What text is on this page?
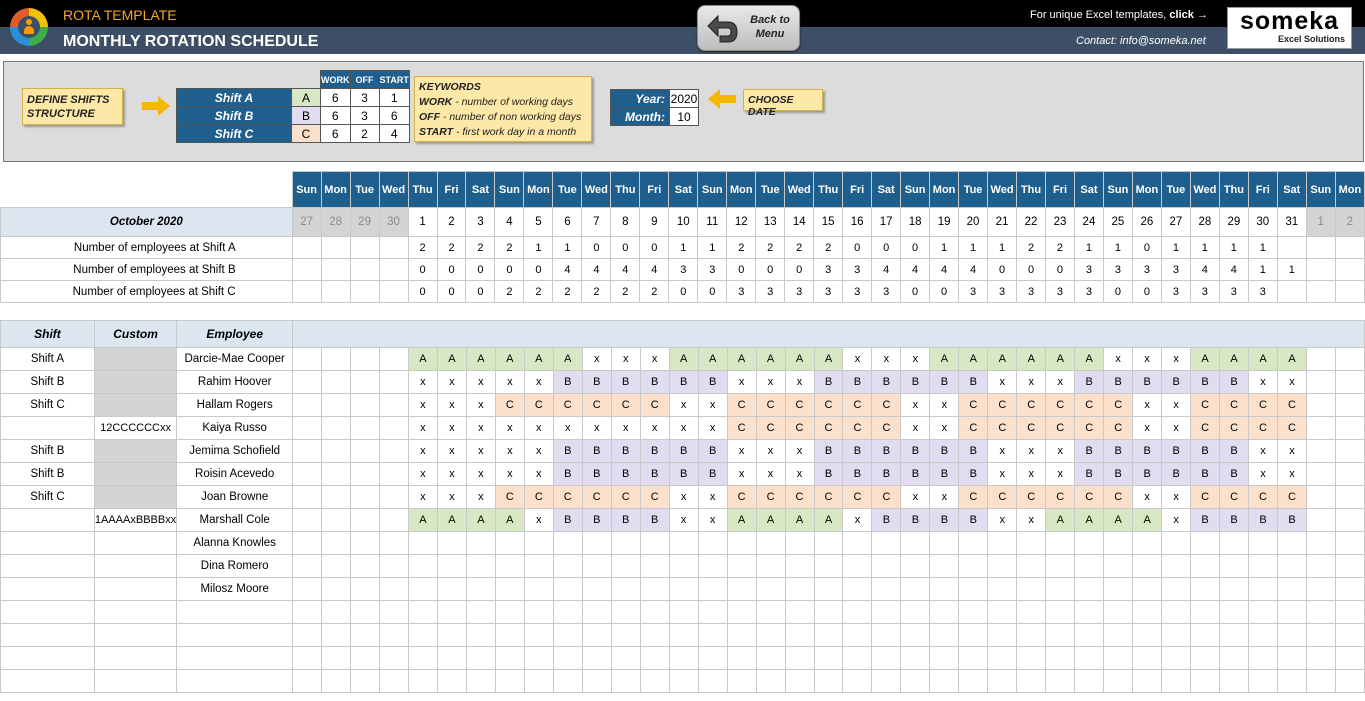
ROTA TEMPLATE
MONTHLY ROTATION SCHEDULE
Back to
Menu
For unique Excel templates, click →
Contact: info@someka.net
someka
Excel Solutions
DEFINE SHIFTS
STRUCTURE
		WORK	OFF	START
Shift A	A	6	3	1
Shift B	B	6	3	6
Shift C	C	6	2	4
KEYWORDS
WORK - number of working days
OFF - number of non working days
START - first work day in a month
Year:	2020
Month:	10
CHOOSE DATE
	Sun	Mon	Tue	Wed	Thu	Fri	Sat	Sun	Mon	Tue	Wed	Thu	Fri	Sat	Sun	Mon	Tue	Wed	Thu	Fri	Sat	Sun	Mon	Tue	Wed	Thu	Fri	Sat	Sun	Mon	Tue	Wed	Thu	Fri	Sat	Sun	Mon
October 2020	27	28	29	30	1	2	3	4	5	6	7	8	9	10	11	12	13	14	15	16	17	18	19	20	21	22	23	24	25	26	27	28	29	30	31	1	2
Number of employees at Shift A					2	2	2	2	1	1	0	0	0	1	1	2	2	2	2	0	0	0	1	1	1	2	2	1	1	0	1	1	1	1			
Number of employees at Shift B					0	0	0	0	0	4	4	4	4	3	3	0	0	0	3	3	4	4	4	4	0	0	0	3	3	3	3	4	4	1	1		
Number of employees at Shift C					0	0	0	2	2	2	2	2	2	0	0	3	3	3	3	3	3	0	0	3	3	3	3	3	0	0	3	3	3	3			
Shift	Custom	Employee																																					
Shift A		Darcie-Mae Cooper					A	A	A	A	A	A	x	x	x	A	A	A	A	A	A	x	x	x	A	A	A	A	A	A	x	x	x	A	A	A	A		
Shift B		Rahim Hoover					x	x	x	x	x	B	B	B	B	B	B	x	x	x	B	B	B	B	B	B	x	x	x	B	B	B	B	B	B	x	x		
Shift C		Hallam Rogers					x	x	x	C	C	C	C	C	C	x	x	C	C	C	C	C	C	x	x	C	C	C	C	C	C	x	x	C	C	C	C		
	12CCCCCCxx	Kaiya Russo					x	x	x	x	x	x	x	x	x	x	x	C	C	C	C	C	C	x	x	C	C	C	C	C	C	x	x	C	C	C	C		
Shift B		Jemima Schofield					x	x	x	x	x	B	B	B	B	B	B	x	x	x	B	B	B	B	B	B	x	x	x	B	B	B	B	B	B	x	x		
Shift B		Roisin Acevedo					x	x	x	x	x	B	B	B	B	B	B	x	x	x	B	B	B	B	B	B	x	x	x	B	B	B	B	B	B	x	x		
Shift C		Joan Browne					x	x	x	C	C	C	C	C	C	x	x	C	C	C	C	C	C	x	x	C	C	C	C	C	C	x	x	C	C	C	C		
	1AAAAxBBBBxx	Marshall Cole					A	A	A	A	x	B	B	B	B	x	x	A	A	A	A	x	B	B	B	B	x	x	A	A	A	A	x	B	B	B	B		
		Alanna Knowles																																					
		Dina Romero																																					
		Milosz Moore																																					
